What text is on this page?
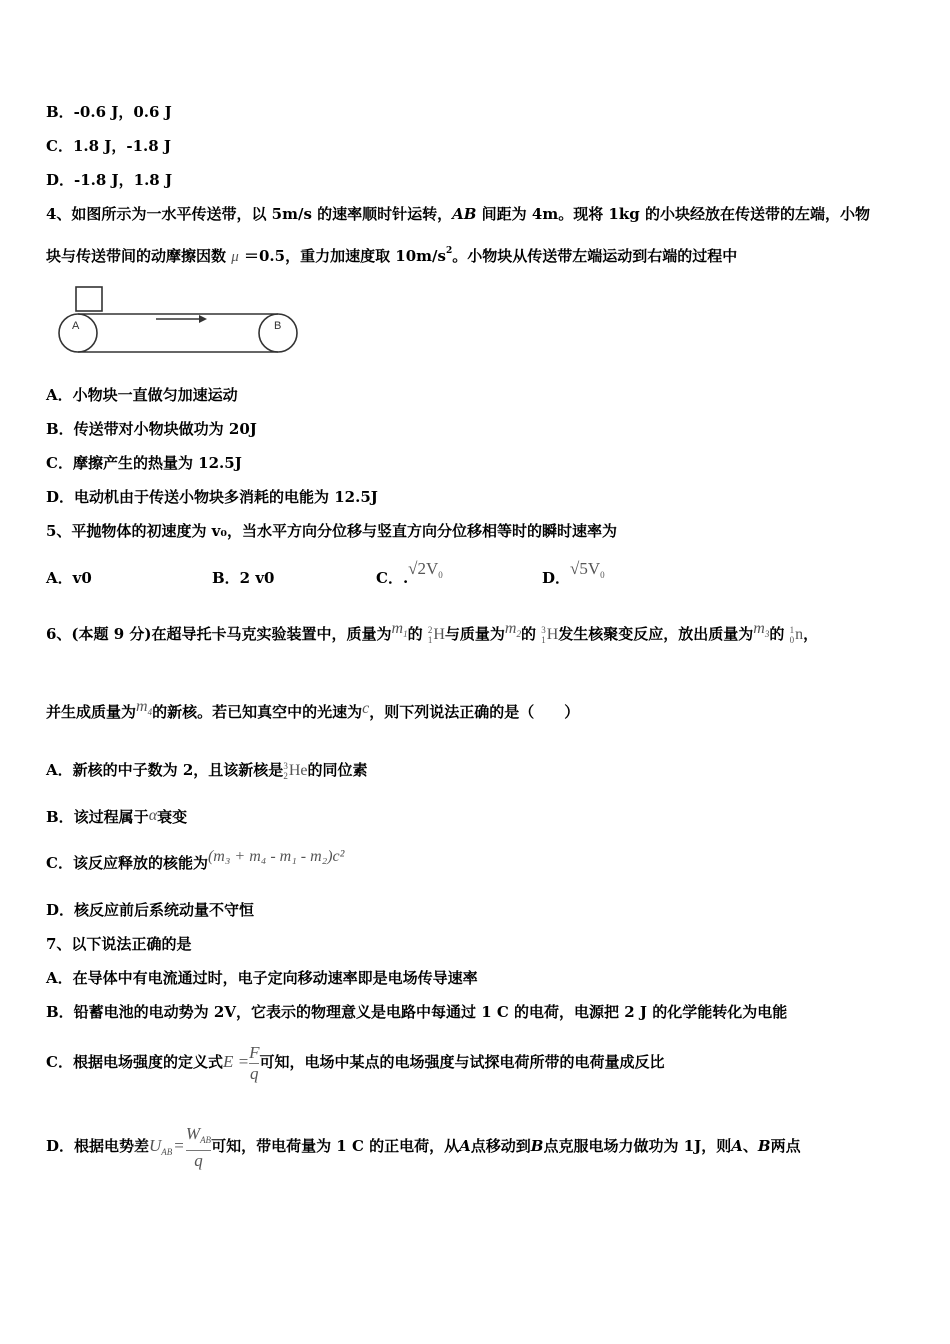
B．-0.6 J，0.6 J
C．1.8 J，-1.8 J
D．-1.8 J，1.8 J
4、如图所示为一水平传送带，以 5m/s 的速率顺时针运转，AB 间距为 4m。现将 1kg 的小块经放在传送带的左端，小物
块与传送带间的动摩擦因数 μ ＝0.5，重力加速度取 $10m/s^2$。小物块从传送带左端运动到右端的过程中
A	B
A．小物块一直做匀加速运动
B．传送带对小物块做功为 20J
C．摩擦产生的热量为 12.5J
D．电动机由于传送小物块多消耗的电能为 12.5J
5、平抛物体的初速度为 v₀，当水平方向分位移与竖直方向分位移相等时的瞬时速率为
A．v0	B．2 v0	C．$.√2V^0$	D．$√5V^0$
6、(本题 9 分)在超导托卡马克实验装置中，质量为$m_1$的 2
1 H 与质量为$m_2$的 3
1 H 发生核聚变反应，放出质量为$m_3$的 1
0 n ，
并生成质量为$m_4$的新核。若已知真空中的光速为c，则下列说法正确的是（　　）
A．新核的中子数为 2，且该新核是 3
2 He 的同位素
B．该过程属于α衰变
C．该反应释放的核能为(m₃ + m₄ - m₁ - m₂)c²
D．核反应前后系统动量不守恒
7、以下说法正确的是
A．在导体中有电流通过时，电子定向移动速率即是电场传导速率
B．铅蓄电池的电动势为 2V，它表示的物理意义是电路中每通过 1 C 的电荷，电源把 2 J 的化学能转化为电能
C．根据电场强度的定义式$E = \frac{F}{q}$ 可知，电场中某点的电场强度与试探电荷所带的电荷量成反比
D．根据电势差$U_{AB} = \frac{W_{AB}}{q}$ 可知，带电荷量为 1 C 的正电荷，从A点移动到B点克服电场力做功为 1J，则A、B两点
